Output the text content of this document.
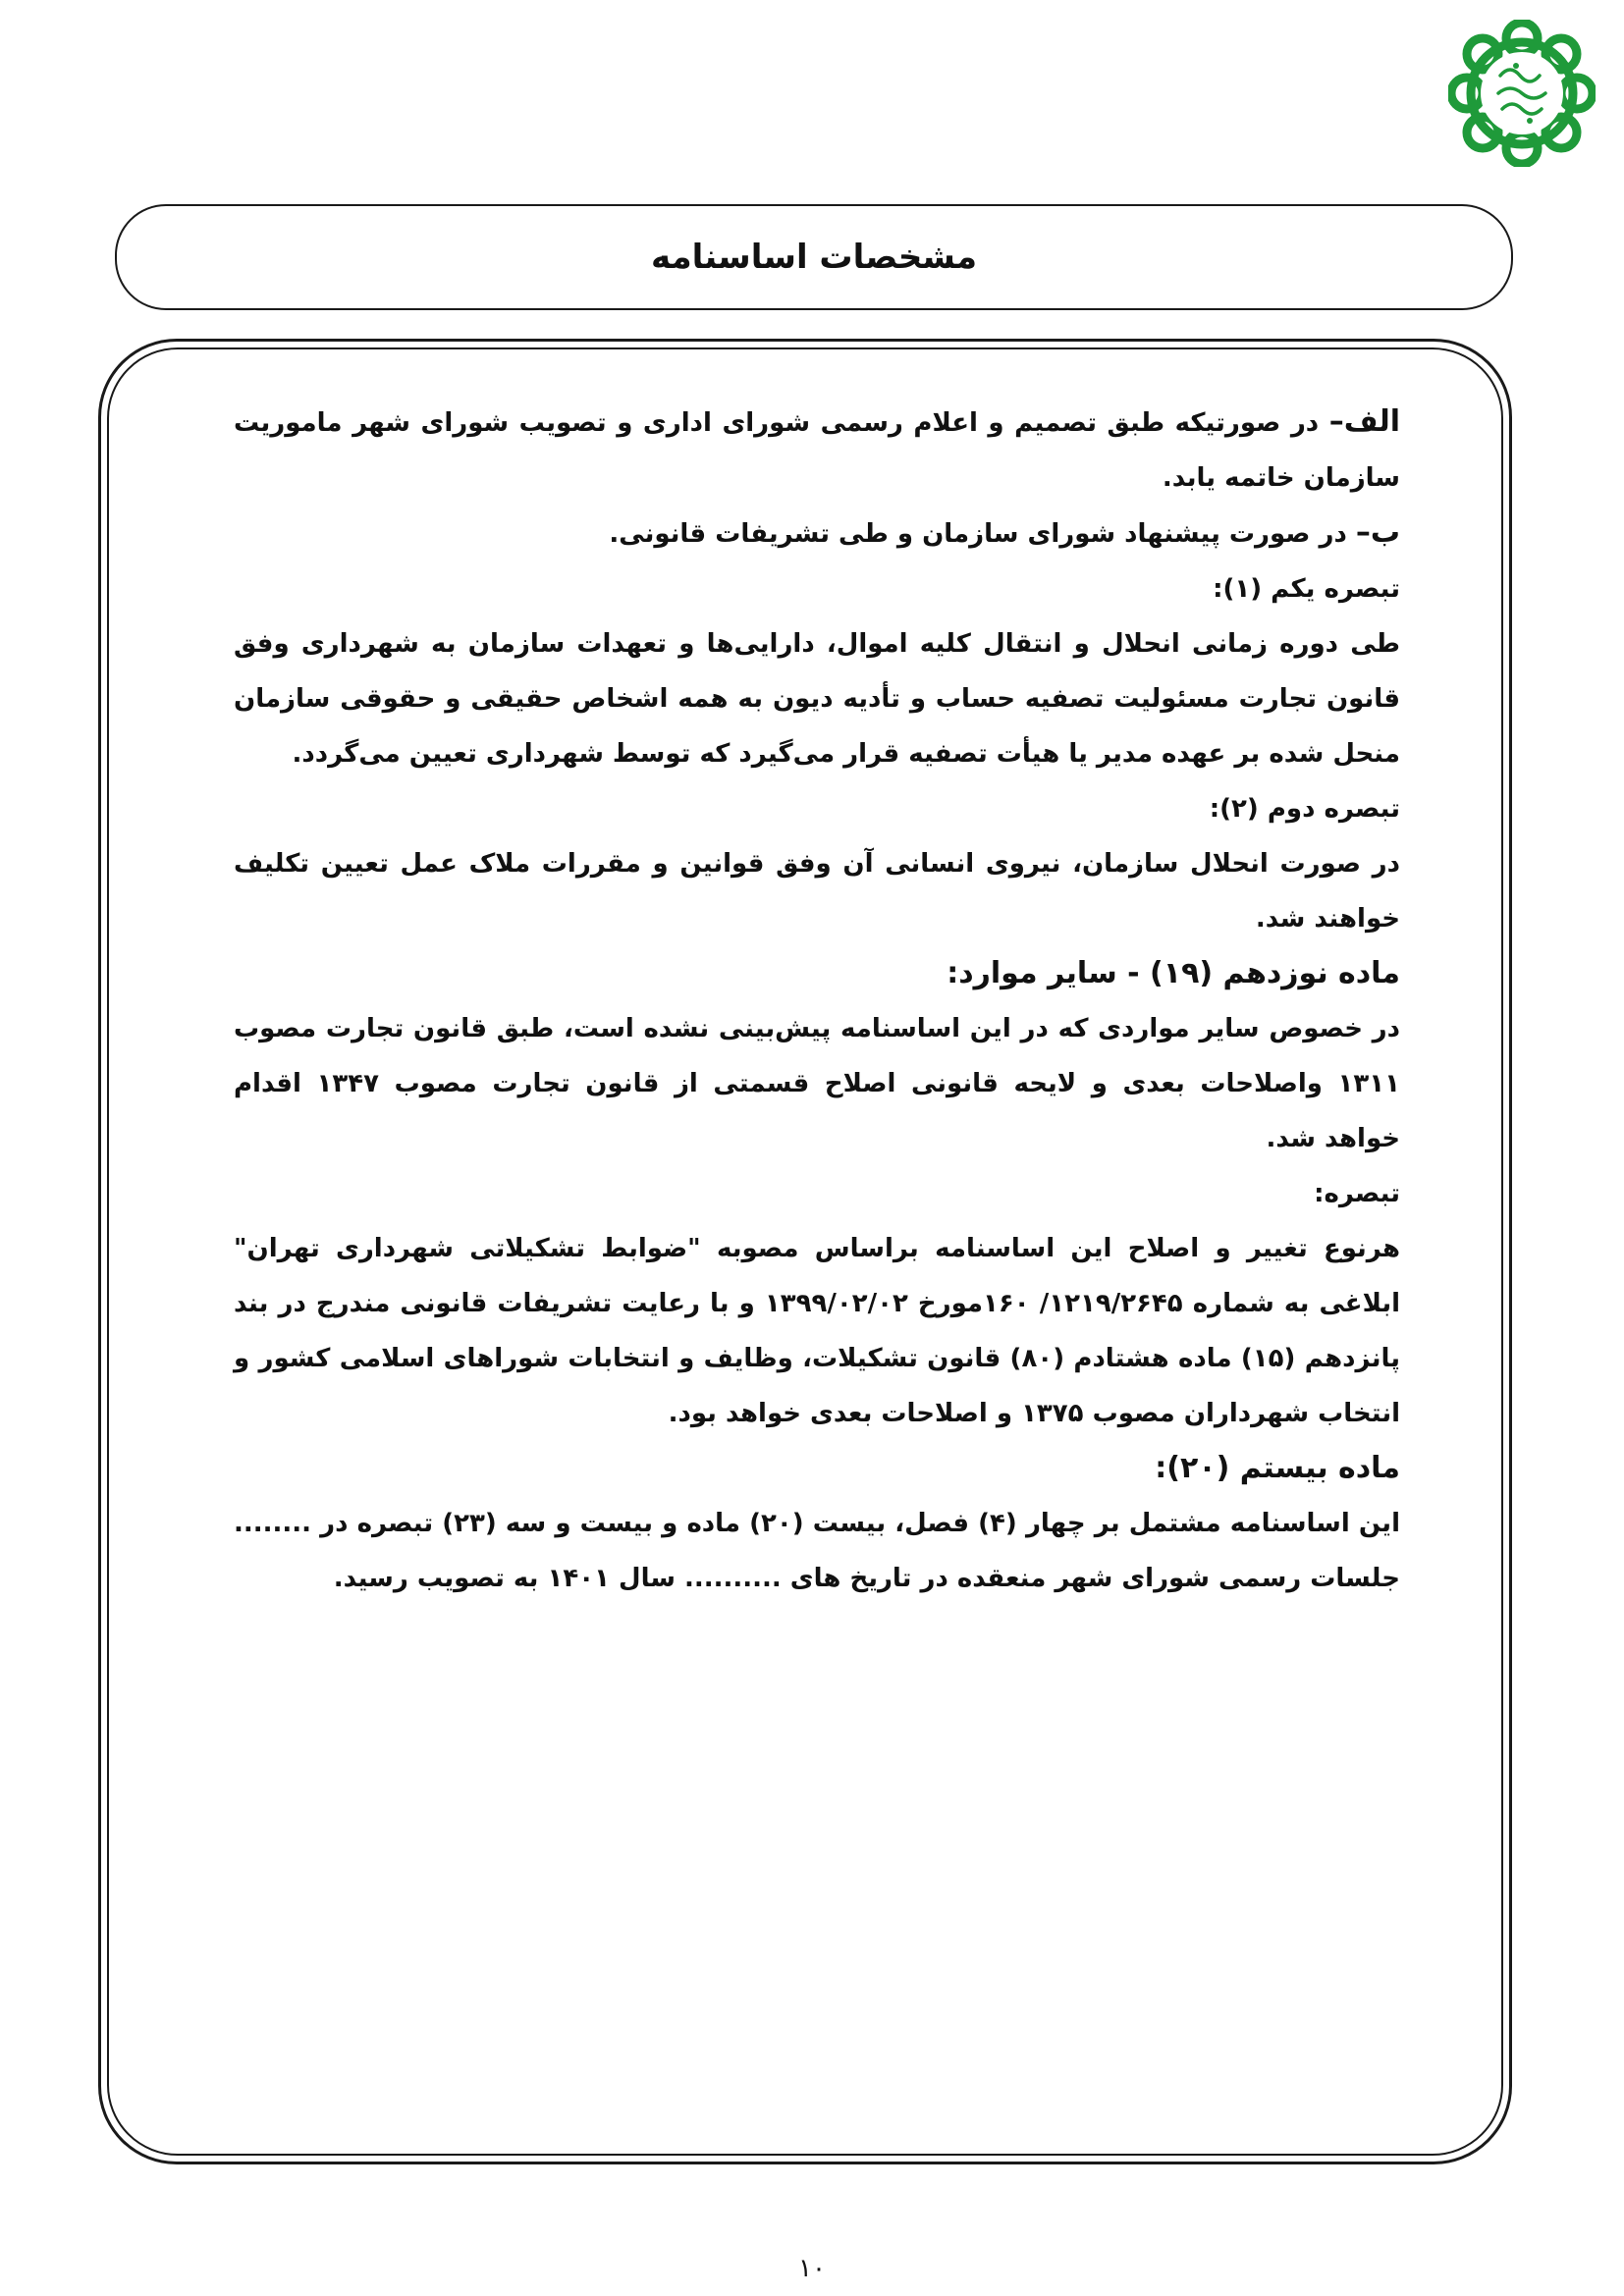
مشخصات اساسنامه

الف– در صورتیکه طبق تصمیم و اعلام رسمی شورای اداری و تصویب شورای شهر ماموریت سازمان خاتمه یابد.

ب– در صورت پیشنهاد شورای سازمان و طی تشریفات قانونی.

تبصره یکم (۱):

طی دوره زمانی انحلال و انتقال کلیه اموال، دارایی‌ها و تعهدات سازمان به شهرداری وفق قانون تجارت مسئولیت تصفیه حساب و تأدیه دیون به همه اشخاص حقیقی و حقوقی سازمان منحل شده بر عهده مدیر یا هیأت تصفیه قرار می‌گیرد که توسط شهرداری تعیین می‌گردد.

تبصره دوم (۲):

در صورت انحلال سازمان، نیروی انسانی آن وفق قوانین و مقررات ملاک عمل تعیین تکلیف خواهند شد.

ماده نوزدهم (۱۹) - سایر موارد:

در خصوص سایر مواردی که در این اساسنامه پیش‌بینی نشده است، طبق قانون تجارت مصوب ۱۳۱۱ واصلاحات بعدی و لایحه قانونی اصلاح قسمتی از قانون تجارت مصوب ۱۳۴۷ اقدام خواهد شد.

تبصره:

هرنوع تغییر و اصلاح این اساسنامه براساس مصوبه "ضوابط تشکیلاتی شهرداری تهران" ابلاغی به شماره ۱۲۱۹/۲۶۴۵/ ۱۶۰مورخ ۱۳۹۹/۰۲/۰۲ و با رعایت تشریفات قانونی مندرج در بند پانزدهم (۱۵) ماده هشتادم (۸۰) قانون تشکیلات، وظایف و انتخابات شوراهای اسلامی کشور و انتخاب شهرداران مصوب ۱۳۷۵ و اصلاحات بعدی خواهد بود.

ماده بیستم (۲۰):

این اساسنامه مشتمل بر چهار (۴) فصل، بیست (۲۰) ماده و بیست و سه (۲۳) تبصره در ........ جلسات رسمی شورای شهر منعقده در تاریخ های .......... سال ۱۴۰۱ به تصویب رسید.

۱۰
